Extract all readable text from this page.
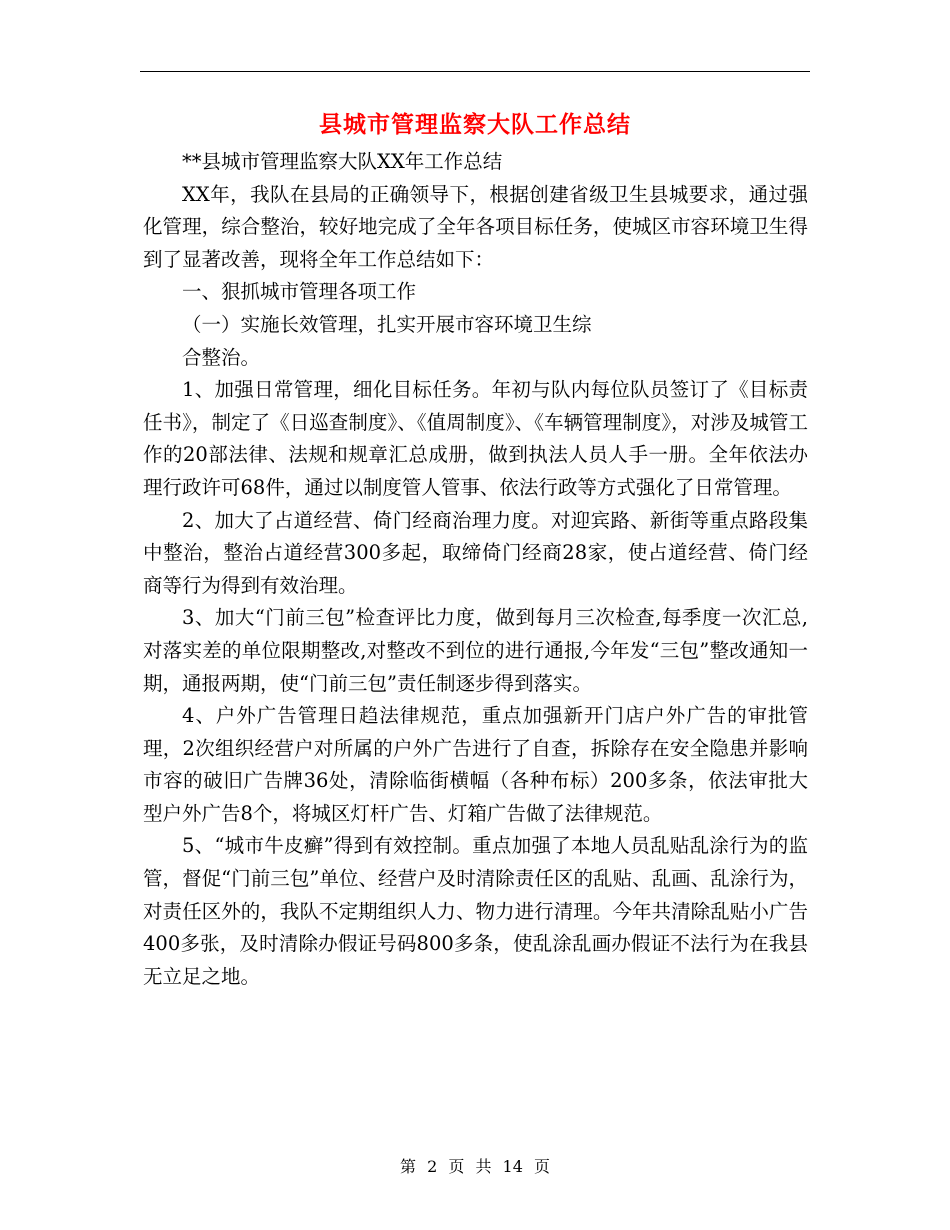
县城市管理监察大队工作总结

**县城市管理监察大队XX年工作总结

XX年，我队在县局的正确领导下，根据创建省级卫生县城要求，通过强化管理，综合整治，较好地完成了全年各项目标任务，使城区市容环境卫生得到了显著改善，现将全年工作总结如下：

一、狠抓城市管理各项工作

（一）实施长效管理，扎实开展市容环境卫生综

合整治。

1、加强日常管理，细化目标任务。年初与队内每位队员签订了《目标责任书》，制定了《日巡查制度》、《值周制度》、《车辆管理制度》，对涉及城管工作的20部法律、法规和规章汇总成册，做到执法人员人手一册。全年依法办理行政许可68件，通过以制度管人管事、依法行政等方式强化了日常管理。

2、加大了占道经营、倚门经商治理力度。对迎宾路、新街等重点路段集中整治，整治占道经营300多起，取缔倚门经商28家，使占道经营、倚门经商等行为得到有效治理。

3、加大“门前三包”检查评比力度，做到每月三次检查,每季度一次汇总,对落实差的单位限期整改,对整改不到位的进行通报,今年发“三包”整改通知一期，通报两期，使“门前三包”责任制逐步得到落实。

4、户外广告管理日趋法律规范，重点加强新开门店户外广告的审批管理，2次组织经营户对所属的户外广告进行了自查，拆除存在安全隐患并影响市容的破旧广告牌36处，清除临街横幅（各种布标）200多条，依法审批大型户外广告8个，将城区灯杆广告、灯箱广告做了法律规范。

5、“城市牛皮癣”得到有效控制。重点加强了本地人员乱贴乱涂行为的监管，督促“门前三包”单位、经营户及时清除责任区的乱贴、乱画、乱涂行为，对责任区外的，我队不定期组织人力、物力进行清理。今年共清除乱贴小广告400多张，及时清除办假证号码800多条，使乱涂乱画办假证不法行为在我县无立足之地。

第 2 页 共 14 页
